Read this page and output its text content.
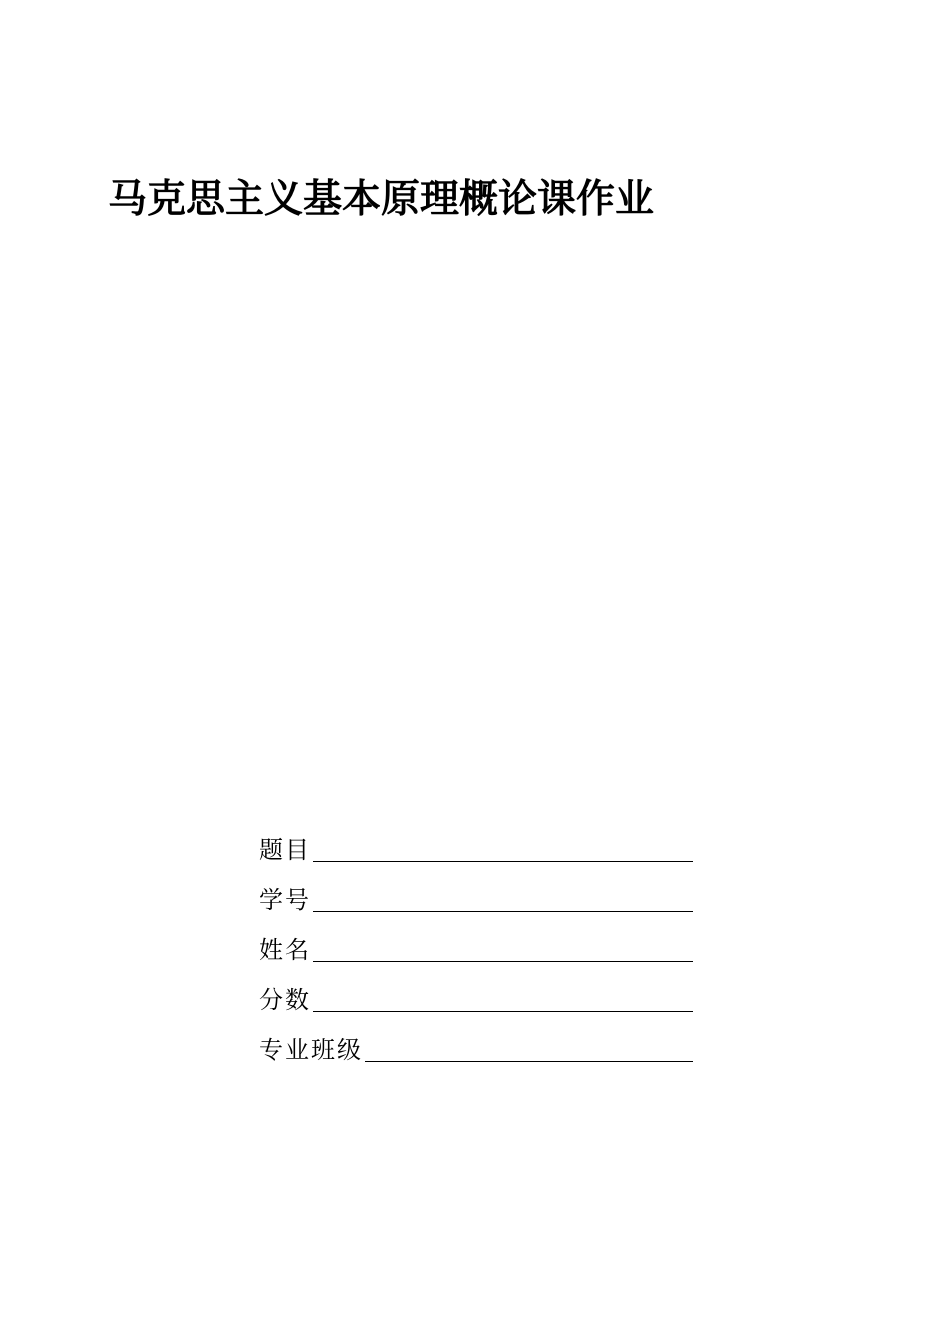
马克思主义基本原理概论课作业
题目
学号
姓名
分数
专业班级
